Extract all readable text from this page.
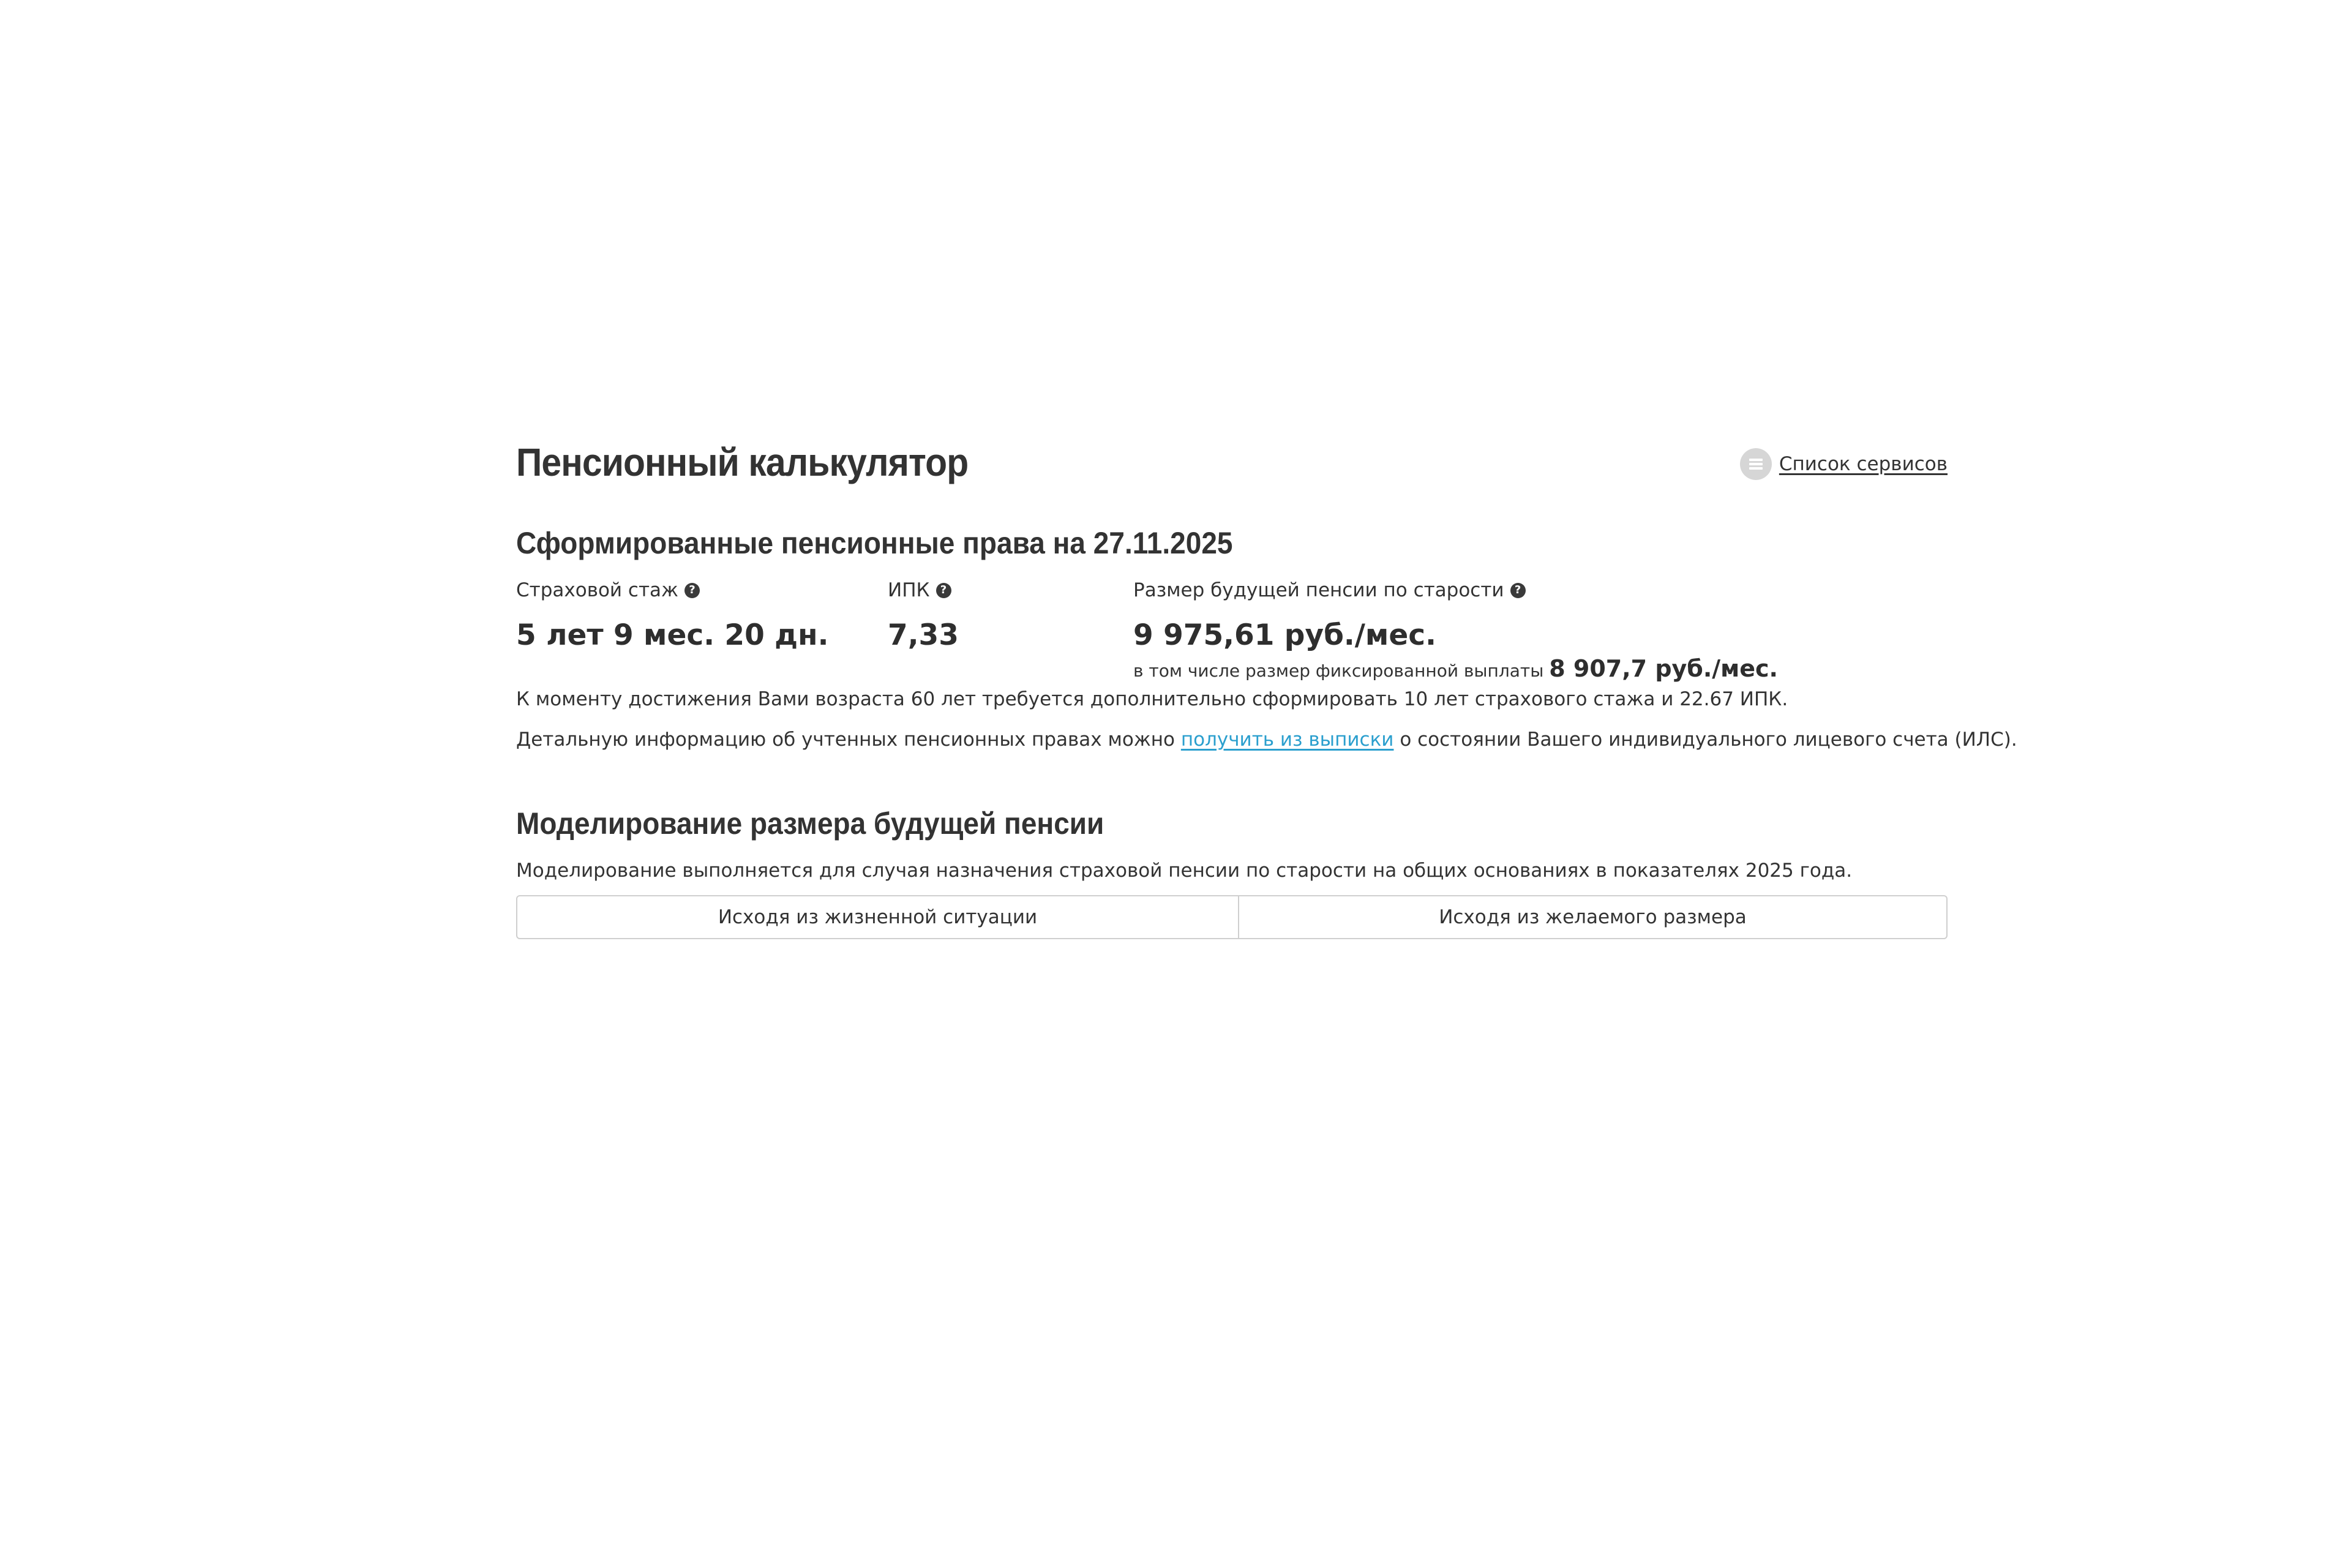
Пенсионный калькулятор	Список сервисов
Сформированные пенсионные права на 27.11.2025
Страховой стаж ?
5 лет 9 мес. 20 дн.
ИПК ?
7,33
Размер будущей пенсии по старости ?
9 975,61 руб./мес.
в том числе размер фиксированной выплаты 8 907,7 руб./мес.

К моменту достижения Вами возраста 60 лет требуется дополнительно сформировать 10 лет страхового стажа и 22.67 ИПК.

Детальную информацию об учтенных пенсионных правах можно получить из выписки о состоянии Вашего индивидуального лицевого счета (ИЛС).

Моделирование размера будущей пенсии

Моделирование выполняется для случая назначения страховой пенсии по старости на общих основаниях в показателях 2025 года.

Исходя из жизненной ситуации	Исходя из желаемого размера
